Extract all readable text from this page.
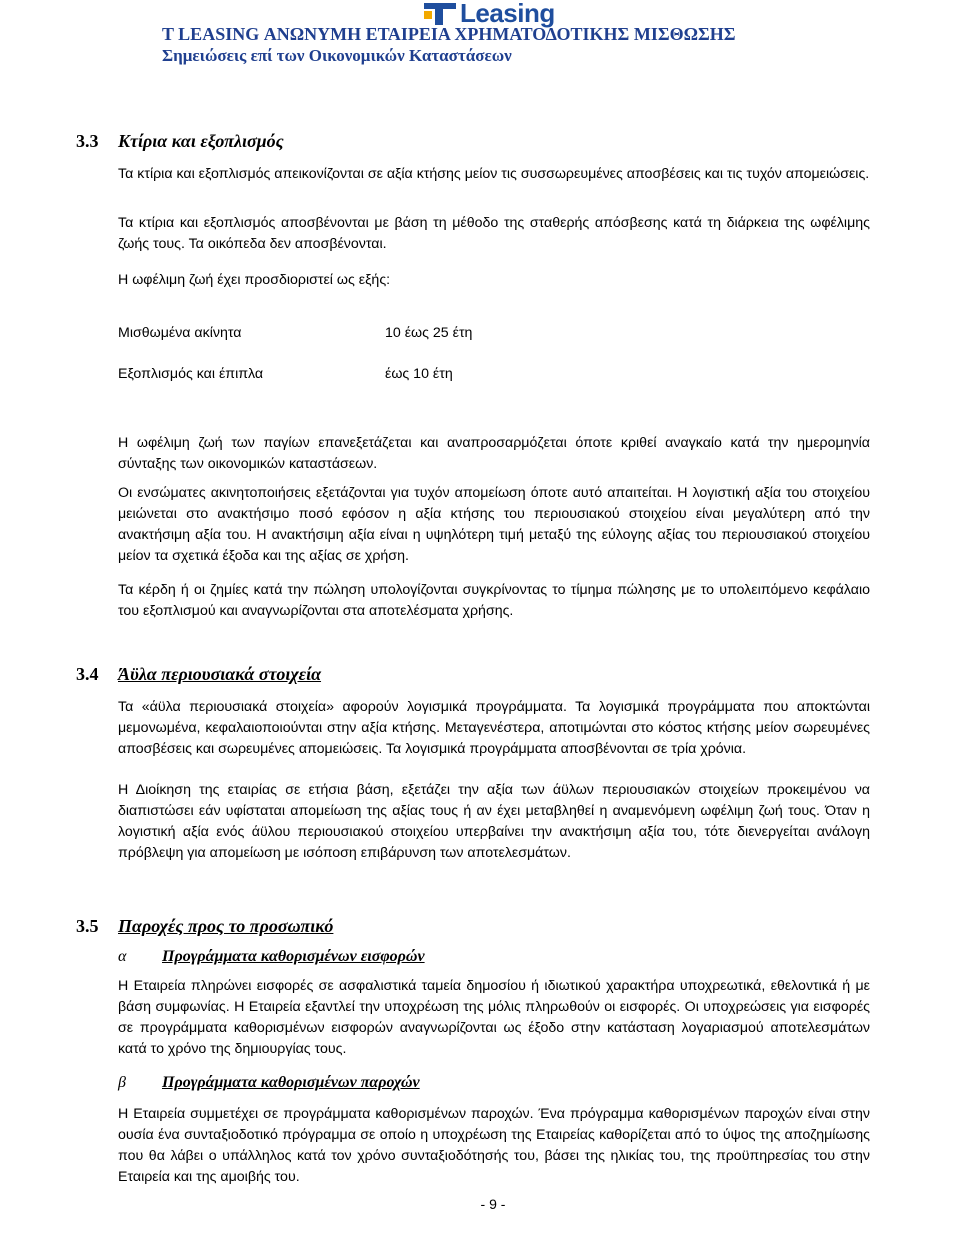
Leasing
T LEASING ΑΝΩΝΥΜΗ ΕΤΑΙΡΕΙΑ ΧΡΗΜΑΤΟΔΟΤΙΚΗΣ ΜΙΣΘΩΣΗΣ
Σημειώσεις επί των Οικονομικών Καταστάσεων
3.3 Κτίρια και εξοπλισμός
Τα κτίρια και εξοπλισμός απεικονίζονται σε αξία κτήσης μείον τις συσσωρευμένες αποσβέσεις και τις τυχόν απομειώσεις.
Τα κτίρια και εξοπλισμός αποσβένονται με βάση τη μέθοδο της σταθερής απόσβεσης κατά τη διάρκεια της ωφέλιμης ζωής τους. Τα οικόπεδα δεν αποσβένονται.
Η ωφέλιμη ζωή έχει προσδιοριστεί ως εξής:
Μισθωμένα ακίνητα	10 έως 25 έτη
Εξοπλισμός και έπιπλα	έως 10 έτη
Η ωφέλιμη ζωή των παγίων επανεξετάζεται και αναπροσαρμόζεται όποτε κριθεί αναγκαίο κατά την ημερομηνία σύνταξης των οικονομικών καταστάσεων.
Οι ενσώματες ακινητοποιήσεις εξετάζονται για τυχόν απομείωση όποτε αυτό απαιτείται. Η λογιστική αξία του στοιχείου μειώνεται στο ανακτήσιμο ποσό εφόσον η αξία κτήσης του περιουσιακού στοιχείου είναι μεγαλύτερη από την ανακτήσιμη αξία του. Η ανακτήσιμη αξία είναι η υψηλότερη τιμή μεταξύ της εύλογης αξίας του περιουσιακού στοιχείου μείον τα σχετικά έξοδα και της αξίας σε χρήση.
Τα κέρδη ή οι ζημίες κατά την πώληση υπολογίζονται συγκρίνοντας το τίμημα πώλησης με το υπολειπόμενο κεφάλαιο του εξοπλισμού και αναγνωρίζονται στα αποτελέσματα χρήσης.
3.4 Άϋλα περιουσιακά στοιχεία
Τα «άϋλα περιουσιακά στοιχεία» αφορούν λογισμικά προγράμματα. Τα λογισμικά προγράμματα που αποκτώνται μεμονωμένα, κεφαλαιοποιούνται στην αξία κτήσης. Μεταγενέστερα, αποτιμώνται στο κόστος κτήσης μείον σωρευμένες αποσβέσεις και σωρευμένες απομειώσεις. Τα λογισμικά προγράμματα αποσβένονται σε τρία χρόνια.
Η Διοίκηση της εταιρίας σε ετήσια βάση, εξετάζει την αξία των άϋλων περιουσιακών στοιχείων προκειμένου να διαπιστώσει εάν υφίσταται απομείωση της αξίας τους ή αν έχει μεταβληθεί η αναμενόμενη ωφέλιμη ζωή τους. Όταν η λογιστική αξία ενός άϋλου περιουσιακού στοιχείου υπερβαίνει την ανακτήσιμη αξία του, τότε διενεργείται ανάλογη πρόβλεψη για απομείωση με ισόποση επιβάρυνση των αποτελεσμάτων.
3.5 Παροχές προς το προσωπικό
α Προγράμματα καθορισμένων εισφορών
Η Εταιρεία πληρώνει εισφορές σε ασφαλιστικά ταμεία δημοσίου ή ιδιωτικού χαρακτήρα υποχρεωτικά, εθελοντικά ή με βάση συμφωνίας. Η Εταιρεία εξαντλεί την υποχρέωση της μόλις πληρωθούν οι εισφορές. Οι υποχρεώσεις για εισφορές σε προγράμματα καθορισμένων εισφορών αναγνωρίζονται ως έξοδο στην κατάσταση λογαριασμού αποτελεσμάτων κατά το χρόνο της δημιουργίας τους.
β Προγράμματα καθορισμένων παροχών
Η Εταιρεία συμμετέχει σε προγράμματα καθορισμένων παροχών. Ένα πρόγραμμα καθορισμένων παροχών είναι στην ουσία ένα συνταξιοδοτικό πρόγραμμα σε οποίο η υποχρέωση της Εταιρείας καθορίζεται από το ύψος της αποζημίωσης που θα λάβει ο υπάλληλος κατά τον χρόνο συνταξιοδότησής του, βάσει της ηλικίας του, της προϋπηρεσίας του στην Εταιρεία και της αμοιβής του.
- 9 -
